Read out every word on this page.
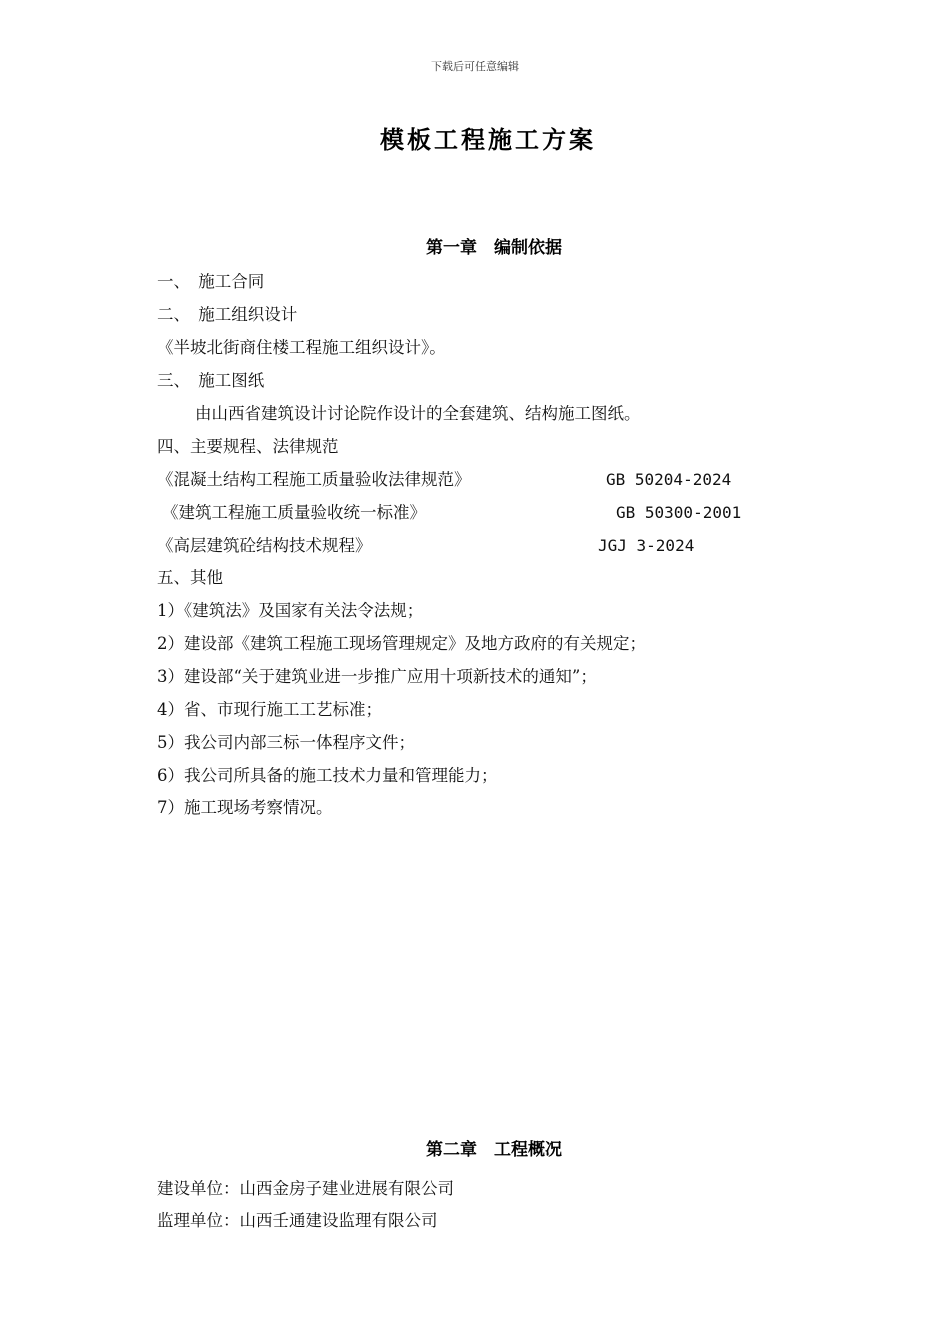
下载后可任意编辑
模板工程施工方案
第一章　编制依据
一、　施工合同
二、　施工组织设计
《半坡北街商住楼工程施工组织设计》。
三、　施工图纸
由山西省建筑设计讨论院作设计的全套建筑、结构施工图纸。
四、主要规程、法律规范
《混凝土结构工程施工质量验收法律规范》	GB 50204-2024
《建筑工程施工质量验收统一标准》	GB 50300-2001
《高层建筑砼结构技术规程》	JGJ 3-2024
五、其他
1）《建筑法》及国家有关法令法规；
2）建设部《建筑工程施工现场管理规定》及地方政府的有关规定；
3）建设部“关于建筑业进一步推广应用十项新技术的通知”；
4）省、市现行施工工艺标准；
5）我公司内部三标一体程序文件；
6）我公司所具备的施工技术力量和管理能力；
7）施工现场考察情况。
第二章　工程概况
建设单位：山西金房子建业进展有限公司
监理单位：山西壬通建设监理有限公司
